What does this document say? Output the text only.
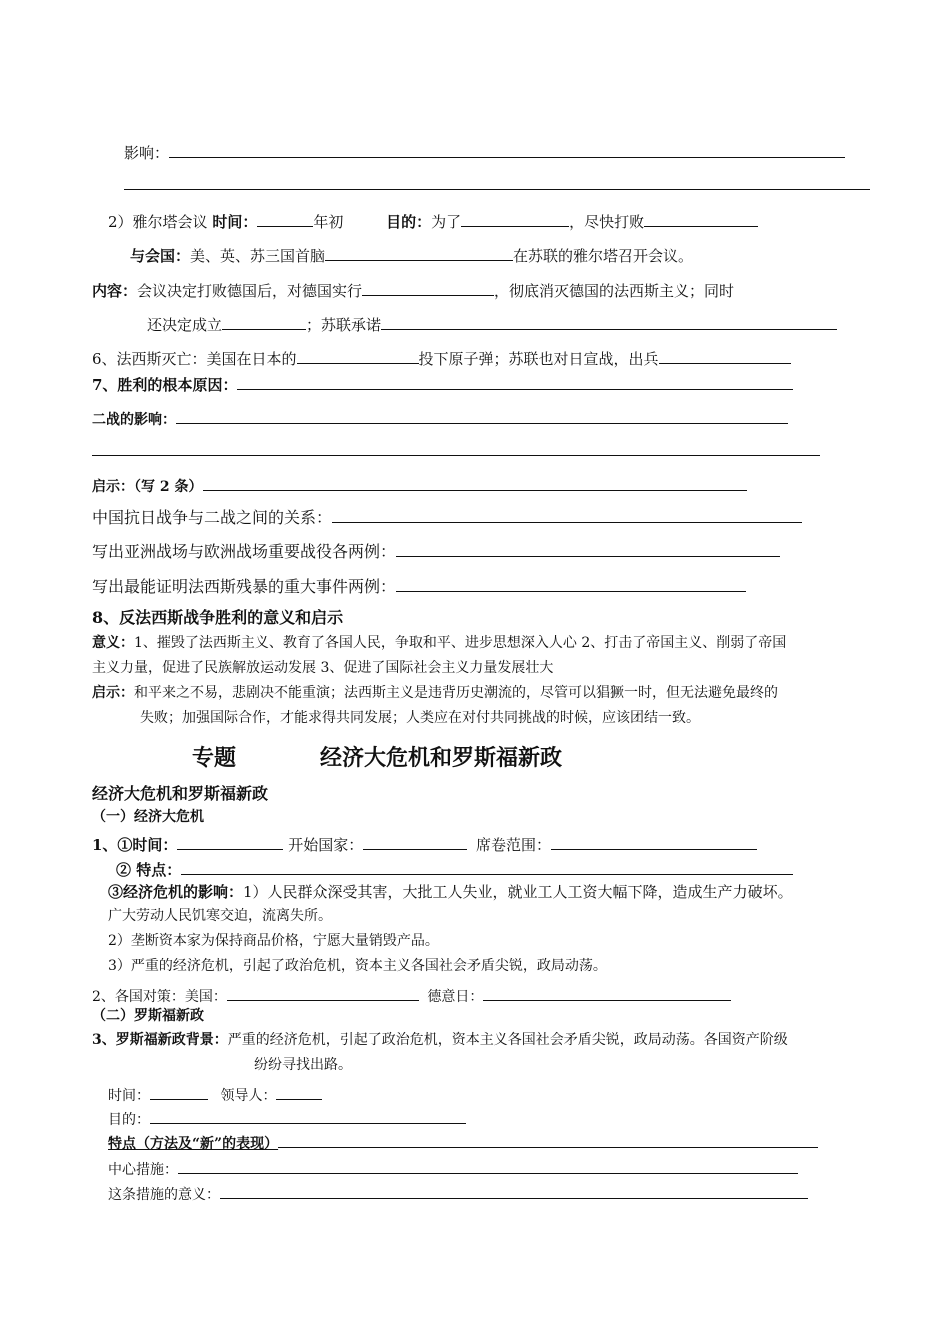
影响：
2）雅尔塔会议 时间：	年初	目的：为了	，尽快打败
与会国：美、英、苏三国首脑	在苏联的雅尔塔召开会议。
内容：会议决定打败德国后，对德国实行	，彻底消灭德国的法西斯主义；同时
还决定成立	；苏联承诺
6、法西斯灭亡：美国在日本的	投下原子弹；苏联也对日宣战，出兵
7、胜利的根本原因：
二战的影响：
启示：（写 2 条）
中国抗日战争与二战之间的关系：
写出亚洲战场与欧洲战场重要战役各两例：
写出最能证明法西斯残暴的重大事件两例：
8、反法西斯战争胜利的意义和启示
意义：1、摧毁了法西斯主义、教育了各国人民，争取和平、进步思想深入人心 2、打击了帝国主义、削弱了帝国
主义力量，促进了民族解放运动发展 3、促进了国际社会主义力量发展壮大
启示：和平来之不易，悲剧决不能重演；法西斯主义是违背历史潮流的，尽管可以猖獗一时，但无法避免最终的
失败；加强国际合作，才能求得共同发展；人类应在对付共同挑战的时候，应该团结一致。
专题	经济大危机和罗斯福新政
经济大危机和罗斯福新政
（一）经济大危机
1、①时间：	开始国家：	席卷范围：
② 特点：
③经济危机的影响：1）人民群众深受其害，大批工人失业，就业工人工资大幅下降，造成生产力破坏。
广大劳动人民饥寒交迫，流离失所。
2）垄断资本家为保持商品价格，宁愿大量销毁产品。
3）严重的经济危机，引起了政治危机，资本主义各国社会矛盾尖锐，政局动荡。
2、各国对策：美国：	德意日：
（二）罗斯福新政
3、罗斯福新政背景：严重的经济危机，引起了政治危机，资本主义各国社会矛盾尖锐，政局动荡。各国资产阶级
纷纷寻找出路。
时间：	领导人：
目的：
特点（方法及“新”的表现）
中心措施：
这条措施的意义：
